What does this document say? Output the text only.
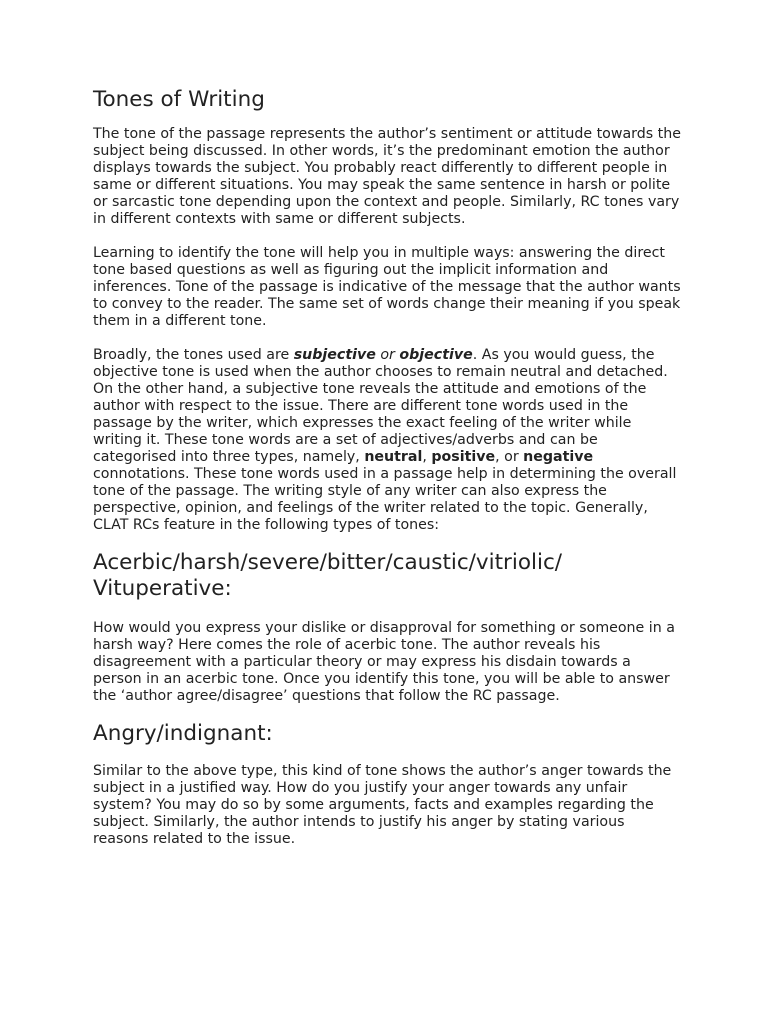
Tones of Writing

The tone of the passage represents the author’s sentiment or attitude towards the subject being discussed. In other words, it’s the predominant emotion the author displays towards the subject. You probably react differently to different people in same or different situations. You may speak the same sentence in harsh or polite or sarcastic tone depending upon the context and people. Similarly, RC tones vary in different contexts with same or different subjects.

Learning to identify the tone will help you in multiple ways: answering the direct tone based questions as well as figuring out the implicit information and inferences. Tone of the passage is indicative of the message that the author wants to convey to the reader. The same set of words change their meaning if you speak them in a different tone.

Broadly, the tones used are subjective or objective. As you would guess, the objective tone is used when the author chooses to remain neutral and detached. On the other hand, a subjective tone reveals the attitude and emotions of the author with respect to the issue. There are different tone words used in the passage by the writer, which expresses the exact feeling of the writer while writing it. These tone words are a set of adjectives/adverbs and can be categorised into three types, namely, neutral, positive, or negative connotations. These tone words used in a passage help in determining the overall tone of the passage. The writing style of any writer can also express the perspective, opinion, and feelings of the writer related to the topic. Generally, CLAT RCs feature in the following types of tones:

Acerbic/harsh/severe/bitter/caustic/vitriolic/ Vituperative:

How would you express your dislike or disapproval for something or someone in a harsh way? Here comes the role of acerbic tone. The author reveals his disagreement with a particular theory or may express his disdain towards a person in an acerbic tone. Once you identify this tone, you will be able to answer the ‘author agree/disagree’ questions that follow the RC passage.

Angry/indignant:

Similar to the above type, this kind of tone shows the author’s anger towards the subject in a justified way. How do you justify your anger towards any unfair system? You may do so by some arguments, facts and examples regarding the subject. Similarly, the author intends to justify his anger by stating various reasons related to the issue.
